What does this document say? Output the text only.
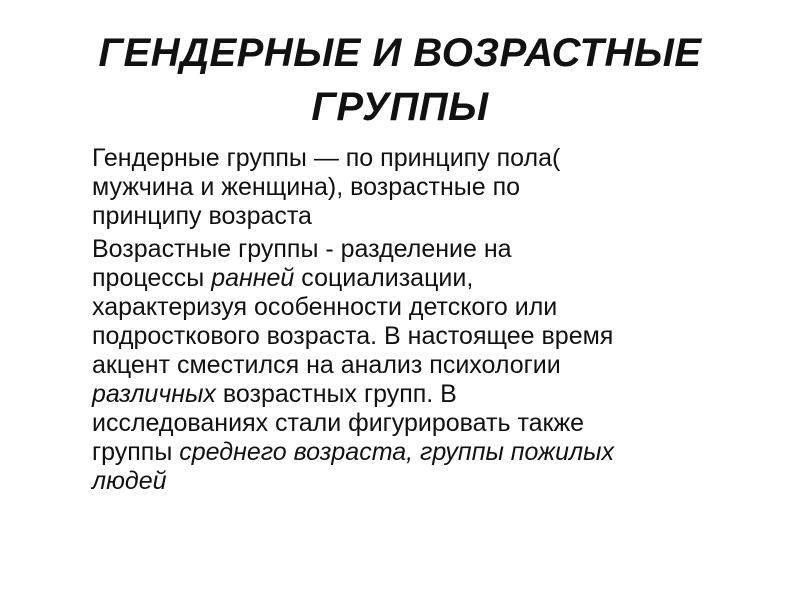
ГЕНДЕРНЫЕ И ВОЗРАСТНЫЕ
ГРУППЫ

Гендерные группы — по принципу пола(
мужчина и женщина), возрастные по
принципу возраста

Возрастные группы - разделение на
процессы ранней социализации,
характеризуя особенности детского или
подросткового возраста. В настоящее время
акцент сместился на анализ психологии
различных возрастных групп. В
исследованиях стали фигурировать также
группы среднего возраста, группы пожилых
людей
